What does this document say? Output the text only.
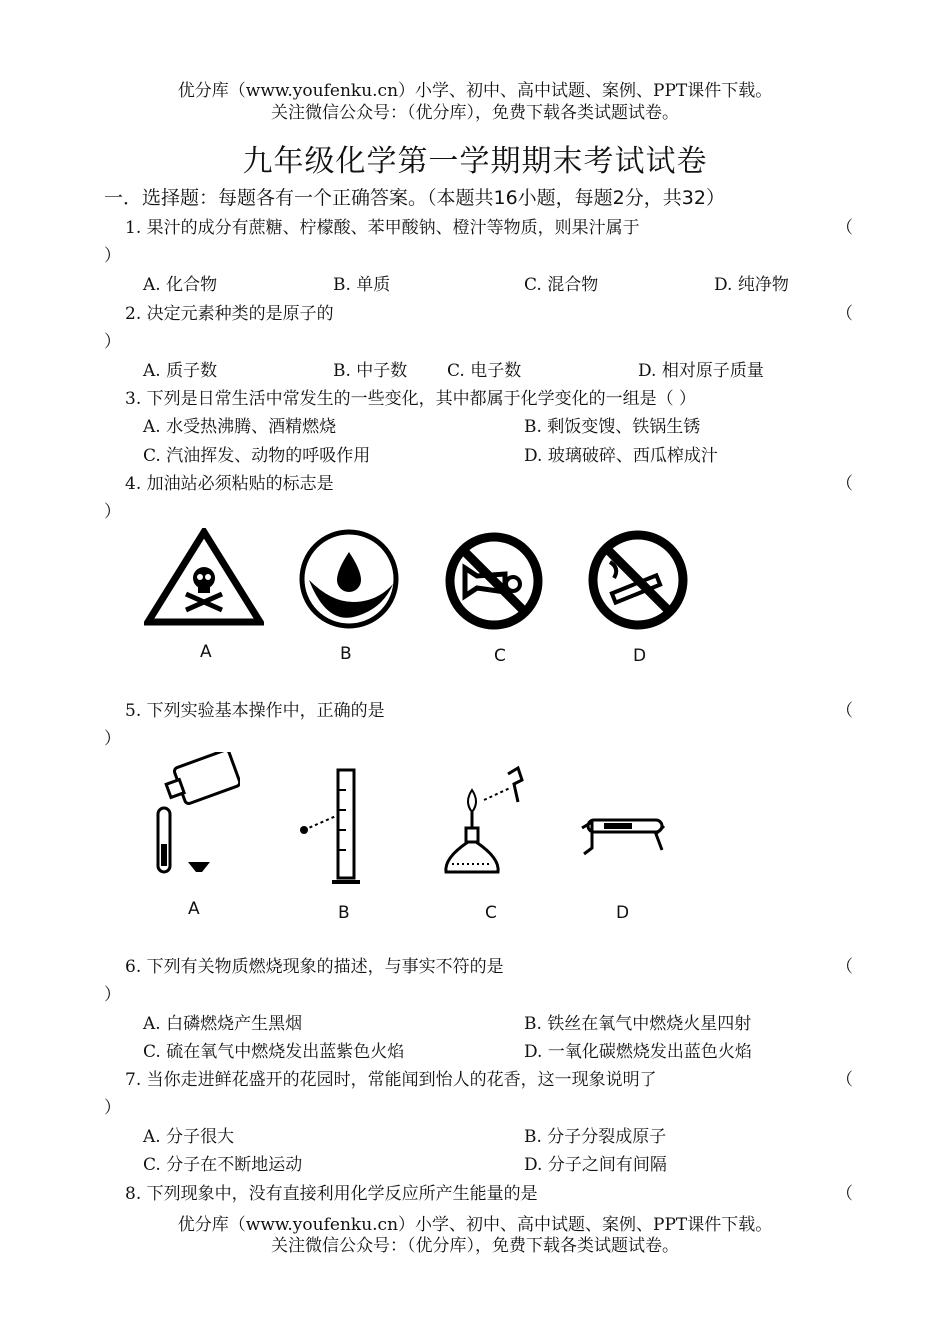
优分库（www.youfenku.cn）小学、初中、高中试题、案例、PPT课件下载。
关注微信公众号：（优分库），免费下载各类试题试卷。
九年级化学第一学期期末考试试卷
一．选择题：每题各有一个正确答案。（本题共16小题，每题2分，共32）
1. 果汁的成分有蔗糖、柠檬酸、苯甲酸钠、橙汁等物质，则果汁属于	（
）
A. 化合物	B. 单质	C. 混合物	D. 纯净物
2. 决定元素种类的是原子的	（
）
A. 质子数	B. 中子数 C. 电子数	D. 相对原子质量
3. 下列是日常生活中常发生的一些变化，其中都属于化学变化的一组是（ ）
A. 水受热沸腾、酒精燃烧	B. 剩饭变馊、铁锅生锈
C. 汽油挥发、动物的呼吸作用	D. 玻璃破碎、西瓜榨成汁
4. 加油站必须粘贴的标志是	（
）
A	B	C	D
5. 下列实验基本操作中，正确的是	（
）
A	B	C	D
6. 下列有关物质燃烧现象的描述，与事实不符的是	（
）
A. 白磷燃烧产生黑烟	B. 铁丝在氧气中燃烧火星四射
C. 硫在氧气中燃烧发出蓝紫色火焰	D. 一氧化碳燃烧发出蓝色火焰
7. 当你走进鲜花盛开的花园时，常能闻到怡人的花香，这一现象说明了	（
）
A. 分子很大	B. 分子分裂成原子
C. 分子在不断地运动	D. 分子之间有间隔
8. 下列现象中，没有直接利用化学反应所产生能量的是	（
优分库（www.youfenku.cn）小学、初中、高中试题、案例、PPT课件下载。
关注微信公众号：（优分库），免费下载各类试题试卷。
